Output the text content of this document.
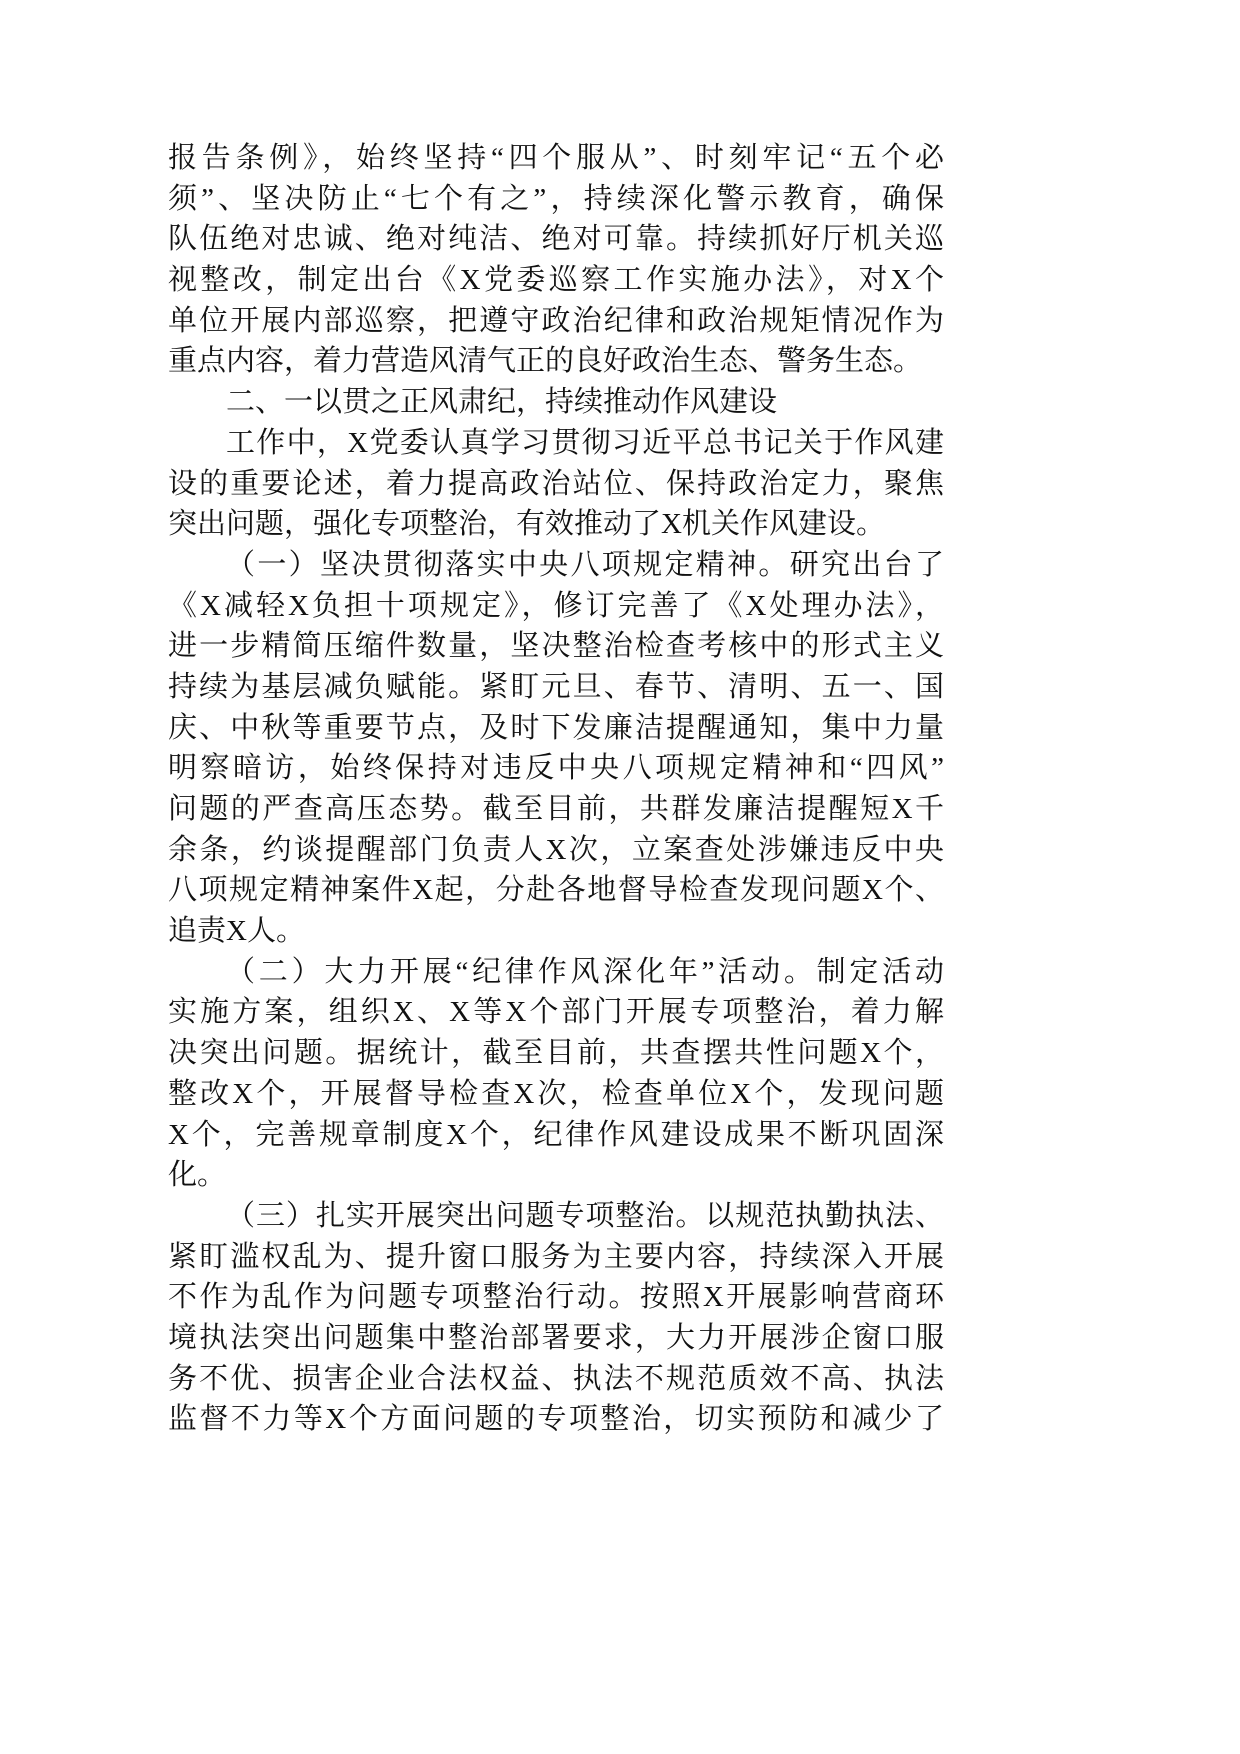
报告条例》，始终坚持“四个服从”、时刻牢记“五个必
须”、坚决防止“七个有之”，持续深化警示教育，确保
队伍绝对忠诚、绝对纯洁、绝对可靠。持续抓好厅机关巡
视整改，制定出台《X党委巡察工作实施办法》，对X个
单位开展内部巡察，把遵守政治纪律和政治规矩情况作为
重点内容，着力营造风清气正的良好政治生态、警务生态。
二、一以贯之正风肃纪，持续推动作风建设
工作中，X党委认真学习贯彻习近平总书记关于作风建
设的重要论述，着力提高政治站位、保持政治定力，聚焦
突出问题，强化专项整治，有效推动了X机关作风建设。
（一）坚决贯彻落实中央八项规定精神。研究出台了
《X减轻X负担十项规定》，修订完善了《X处理办法》，
进一步精简压缩件数量，坚决整治检查考核中的形式主义
持续为基层减负赋能。紧盯元旦、春节、清明、五一、国
庆、中秋等重要节点，及时下发廉洁提醒通知，集中力量
明察暗访，始终保持对违反中央八项规定精神和“四风”
问题的严查高压态势。截至目前，共群发廉洁提醒短X千
余条，约谈提醒部门负责人X次，立案查处涉嫌违反中央
八项规定精神案件X起，分赴各地督导检查发现问题X个、
追责X人。
（二）大力开展“纪律作风深化年”活动。制定活动
实施方案，组织X、X等X个部门开展专项整治，着力解
决突出问题。据统计，截至目前，共查摆共性问题X个，
整改X个，开展督导检查X次，检查单位X个，发现问题
X个，完善规章制度X个，纪律作风建设成果不断巩固深
化。
（三）扎实开展突出问题专项整治。以规范执勤执法、
紧盯滥权乱为、提升窗口服务为主要内容，持续深入开展
不作为乱作为问题专项整治行动。按照X开展影响营商环
境执法突出问题集中整治部署要求，大力开展涉企窗口服
务不优、损害企业合法权益、执法不规范质效不高、执法
监督不力等X个方面问题的专项整治，切实预防和减少了
